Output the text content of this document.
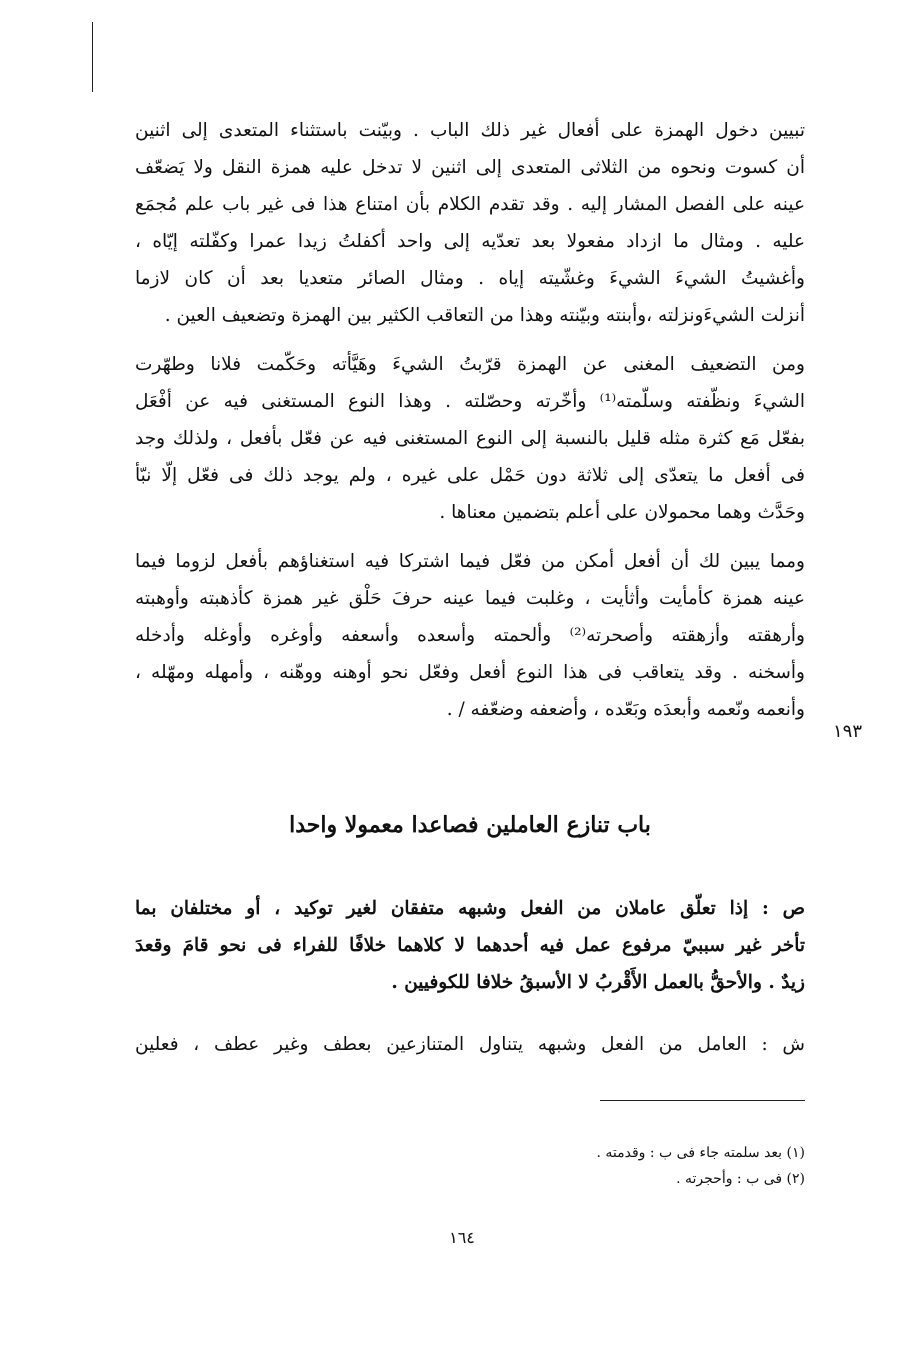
تبيين دخول الهمزة على أفعال غير ذلك الباب . وبيّنت باستثناء المتعدى إلى اثنين
أن كسوت ونحوه من الثلاثى المتعدى إلى اثنين لا تدخل عليه همزة النقل ولا يَضعّف
عينه على الفصل المشار إليه . وقد تقدم الكلام بأن امتناع هذا فى غير باب علم مُجمَع
عليه . ومثال ما ازداد مفعولا بعد تعدّيه إلى واحد أكفلتُ زيدا عمرا وكفّلته إيّاه ،
وأغشيتُ الشيءَ الشيءَ وغشّيته إياه . ومثال الصائر متعديا بعد أن كان لازما
أنزلت الشيءَونزلته ،وأبنته وبيّنته وهذا من التعاقب الكثير بين الهمزة وتضعيف العين .
ومن التضعيف المغنى عن الهمزة قرّبتُ الشيءَ وهَيَّأته وحَكّمت فلانا وطهّرت
الشيءَ ونظّفته وسلّمته⁽¹⁾ وأخّرته وحصّلته . وهذا النوع المستغنى فيه عن أفْعَل
بفعّل مَع كثرة مثله قليل بالنسبة إلى النوع المستغنى فيه عن فعّل بأفعل ، ولذلك وجد
فى أفعل ما يتعدّى إلى ثلاثة دون حَمْل على غيره ، ولم يوجد ذلك فى فعّل إلّا نبّأ
وحَدَّث وهما محمولان على أعلم بتضمين معناها .
ومما يبين لك أن أفعل أمكن من فعّل فيما اشتركا فيه استغناؤهم بأفعل لزوما فيما
عينه همزة كأمأيت وأثأيت ، وغلبت فيما عينه حرفَ حَلْق غير همزة كأذهبته وأوهبته
وأرهقته وأزهقته وأصحرته⁽²⁾ وألحمته وأسعده وأسعفه وأوغره وأوغله وأدخله
وأسخنه . وقد يتعاقب فى هذا النوع أفعل وفعّل نحو أوهنه ووهّنه ، وأمهله ومهّله ،
وأنعمه ونّعمه وأبعدَه وبَعّده ، وأضعفه وضعّفه / .
١٩٣
باب تنازع العاملين فصاعدا معمولا واحدا
ص : إذا تعلّق عاملان من الفعل وشبهه متفقان لغير توكيد ، أو مختلفان بما
تأخر غير سببيّ مرفوع عمل فيه أحدهما لا كلاهما خلافًا للفراء فى نحو قامَ وقعدَ
زيدٌ . والأحقُّ بالعمل الأَقْربُ لا الأسبقُ خلافا للكوفيين .
ش : العامل من الفعل وشبهه يتناول المتنازعين بعطف وغير عطف ، فعلين
(١) بعد سلمته جاء فى ب : وقدمته .
(٢) فى ب : وأحجرته .
١٦٤
